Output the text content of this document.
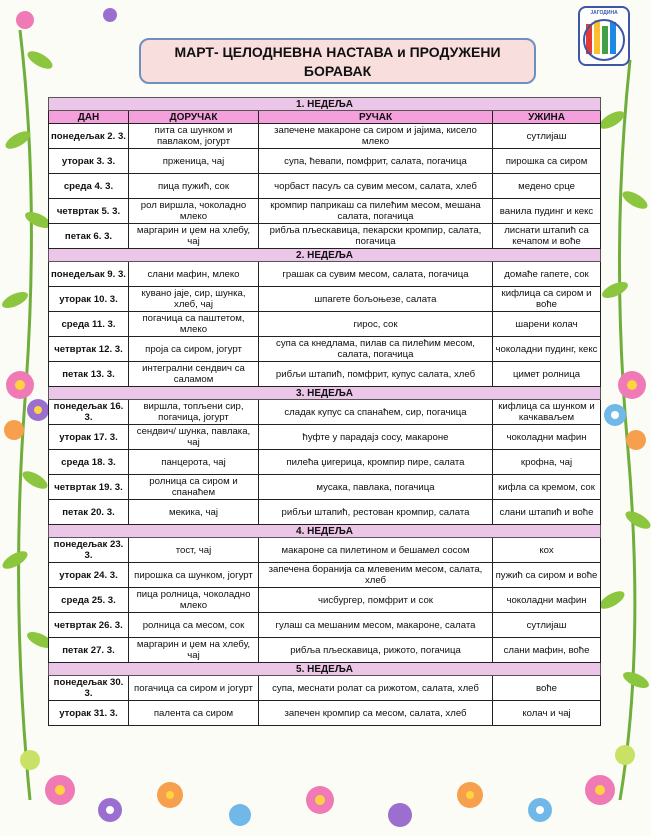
МАРТ- ЦЕЛОДНЕВНА НАСТАВА и ПРОДУЖЕНИ БОРАВАК
ЈАГОДИНА
1. НЕДЕЉА			
ДАН	ДОРУЧАК	РУЧАК	УЖИНА
понедељак 2. 3.	пита са шунком и павлаком, јогурт	запечене макароне са сиром и јајима, кисело млеко	сутлијаш
уторак 3. 3.	прженица, чај	супа, ћевапи, помфрит, салата, погачица	пирошка са сиром
среда 4. 3.	пица пужић, сок	чорбаст пасуљ са сувим месом, салата, хлеб	медено срце
четвртак 5. 3.	рол виршла, чоколадно млеко	кромпир паприкаш са пилећим месом, мешана салата, погачица	ванила пудинг и кекс
петак 6. 3.	маргарин и џем на хлебу, чај	рибља пљескавица, пекарски кромпир, салата, погачица	лиснати штапић са кечапом и воће
2. НЕДЕЉА			
понедељак 9. 3.	слани мафин, млеко	грашак са сувим месом, салата, погачица	домаће гапете, сок
уторак 10. 3.	кувано јаје, сир, шунка, хлеб, чај	шпагете бољоњезе, салата	кифлица са сиром и воће
среда 11. 3.	погачица са паштетом, млеко	гирос, сок	шарени колач
четвртак 12. 3.	проја са сиром, јогурт	супа са кнедлама, пилав са пилећим месом, салата, погачица	чоколадни пудинг, кекс
петак 13. 3.	интегрални сендвич са саламом	рибљи штапић, помфрит, купус салата, хлеб	цимет ролница
3. НЕДЕЉА			
понедељак 16. 3.	виршла, топљени сир, погачица, јогурт	сладак купус са спанаћем, сир, погачица	кифлица са шунком и качкаваљем
уторак 17. 3.	сендвич/ шунка, павлака, чај	ћуфте у парадајз сосу, макароне	чоколадни мафин
среда 18. 3.	панцерота, чај	пилећа џигерица, кромпир пире, салата	крофна, чај
четвртак 19. 3.	ролница са сиром и спанаћем	мусака, павлака, погачица	кифла са кремом, сок
петак 20. 3.	мекика, чај	рибљи штапић, рестован кромпир, салата	слани штапић и воће
4. НЕДЕЉА			
понедељак 23. 3.	тост, чај	макароне са пилетином и бешамел сосом	кох
уторак 24. 3.	пирошка са шунком, јогурт	запечена боранија са млевеним месом, салата, хлеб	пужић са сиром и воће
среда 25. 3.	пица ролница, чоколадно млеко	чисбургер, помфрит и сок	чоколадни мафин
четвртак 26. 3.	ролница са месом, сок	гулаш са мешаним месом, макароне, салата	сутлијаш
петак 27. 3.	маргарин и џем на хлебу, чај	рибља пљескавица, рижото, погачица	слани мафин, воће
5. НЕДЕЉА			
понедељак 30. 3.	погачица са сиром и јогурт	супа, меснати ролат са рижотом, салата, хлеб	воће
уторак 31. 3.	палента са сиром	запечен кромпир са месом, салата, хлеб	колач и чај
